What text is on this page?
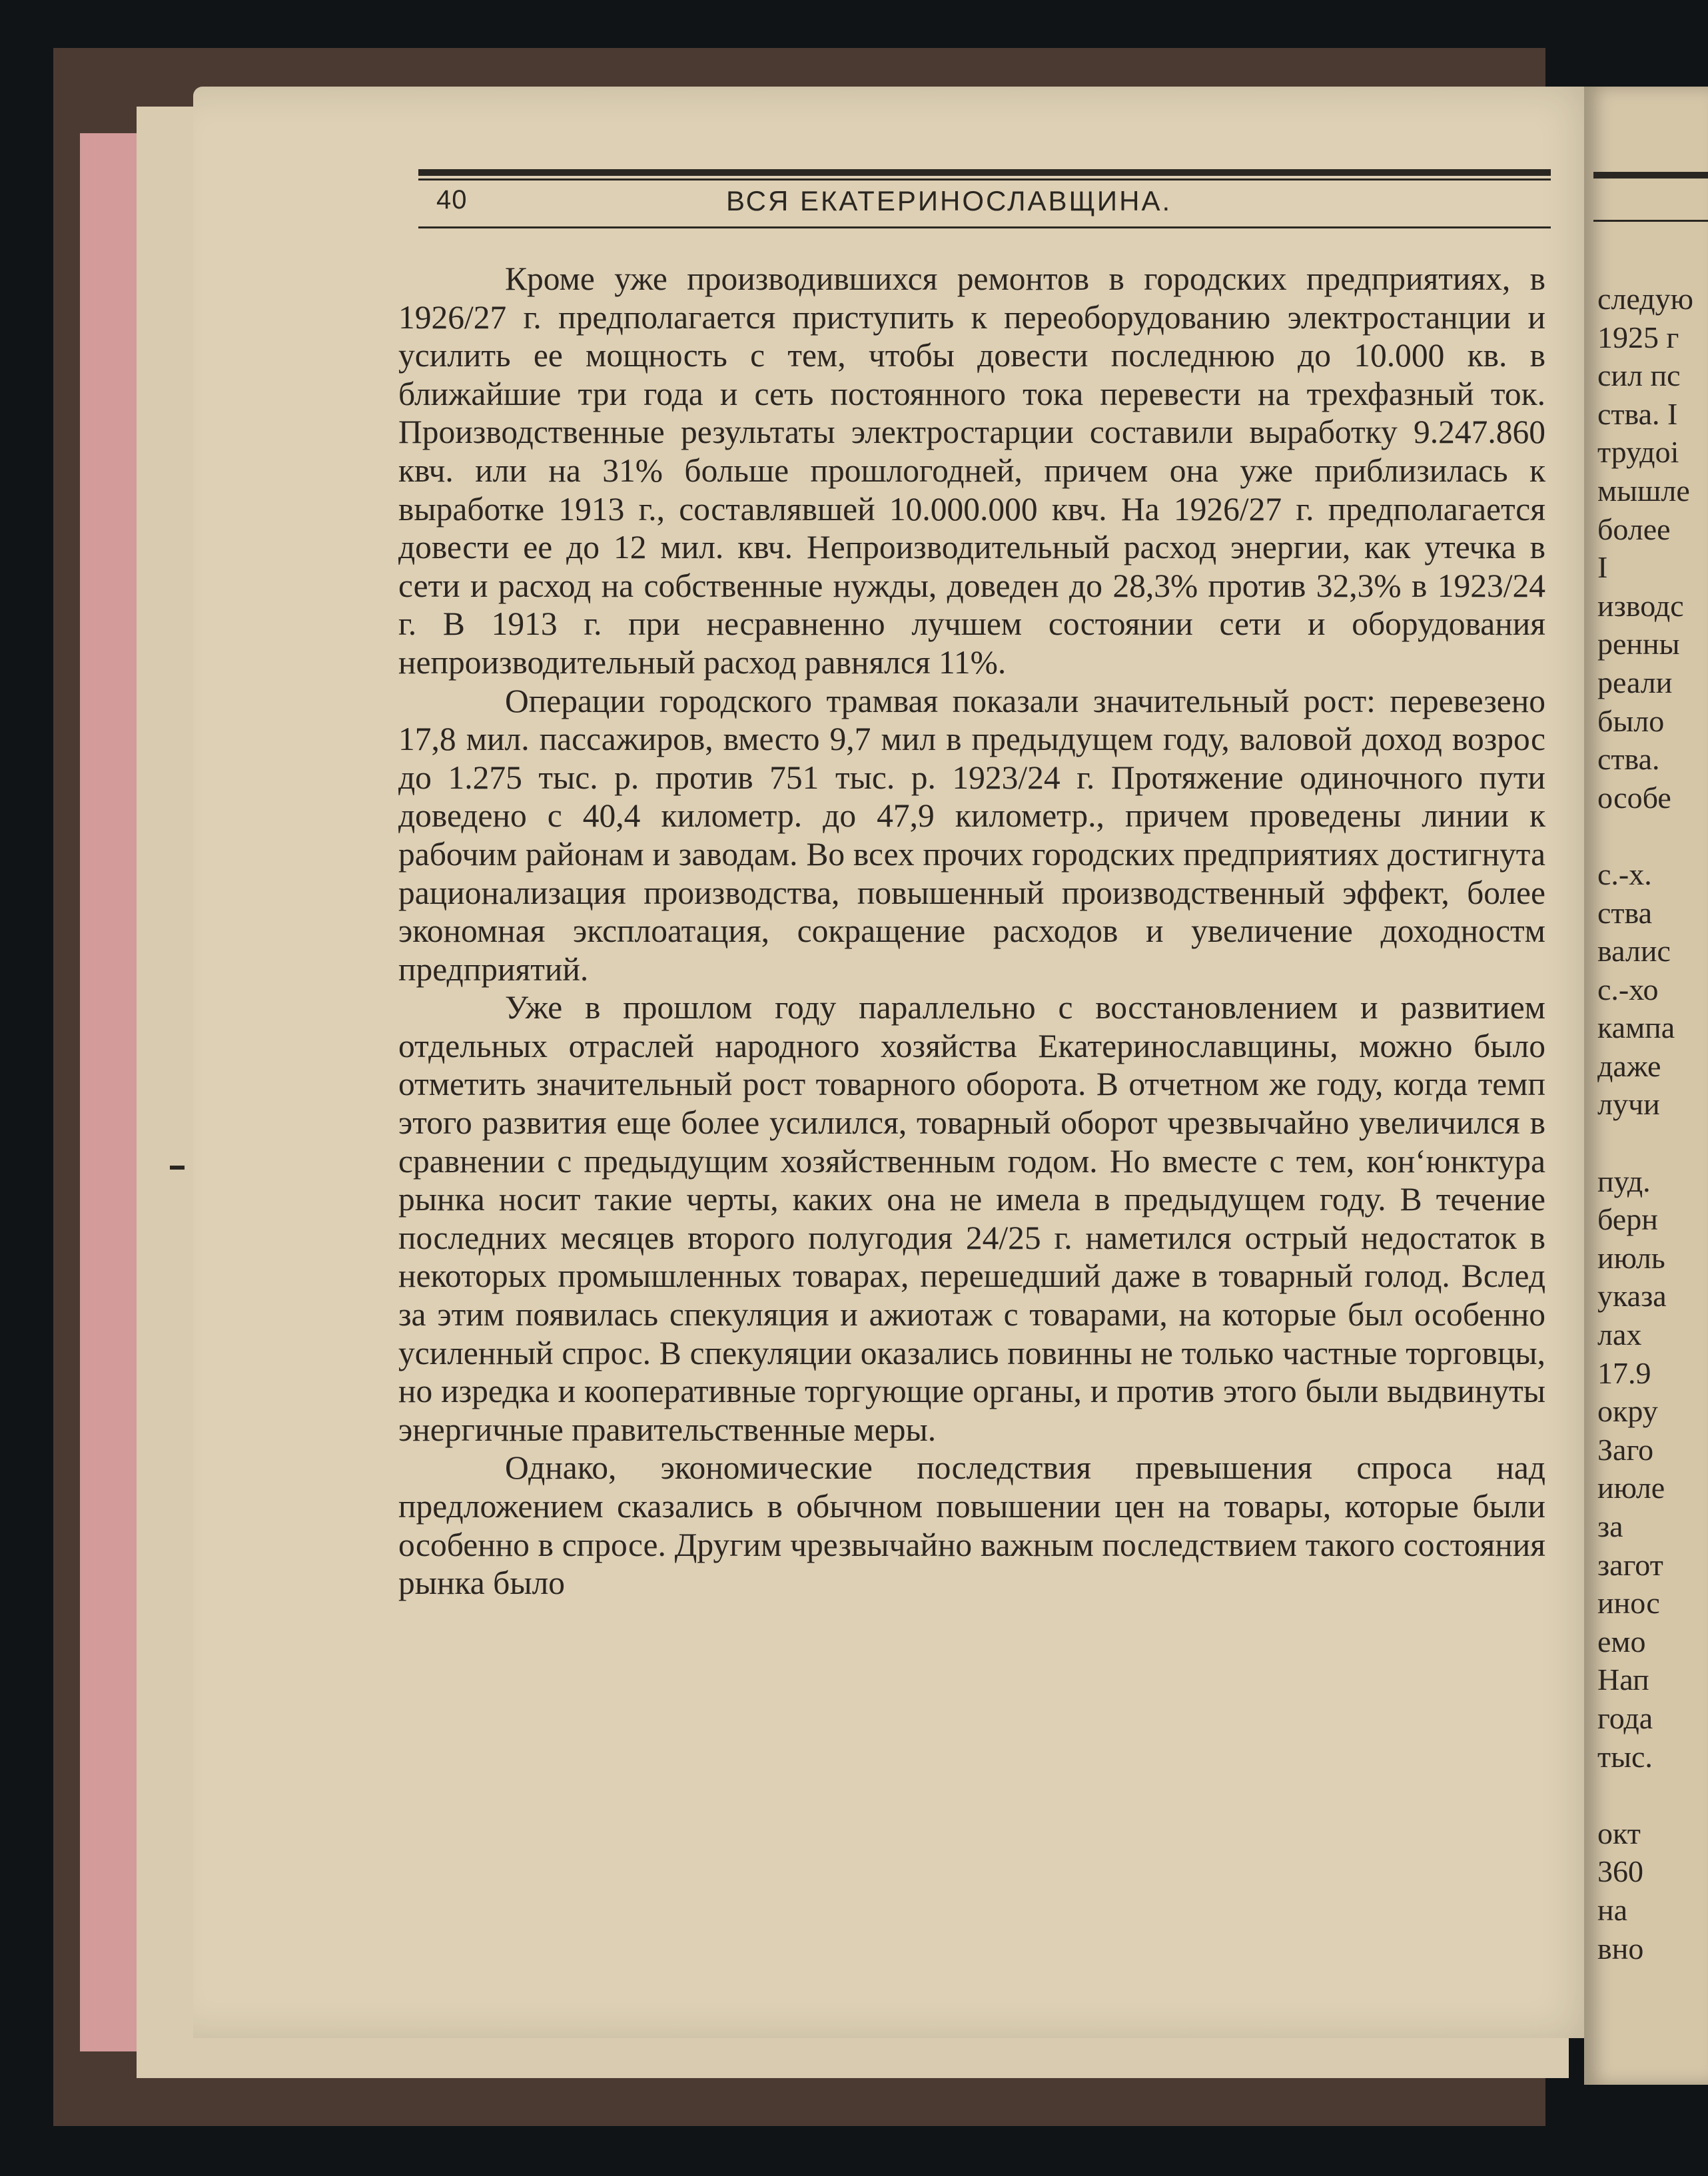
40	ВСЯ ЕКАТЕРИНОСЛАВЩИНА.

Кроме уже производившихся ремонтов в городских предприятиях, в 1926/27 г. предполагается приступить к переоборудованию электростанции и усилить ее мощность с тем, чтобы довести последнюю до 10.000 кв. в ближайшие три года и сеть постоянного тока перевести на трехфазный ток. Производственные результаты электростарции составили выработку 9.247.860 квч. или на 31% больше прошлогодней, причем она уже приблизилась к выработке 1913 г., составлявшей 10.000.000 квч. На 1926/27 г. предполагается довести ее до 12 мил. квч. Непроизводительный расход энергии, как утечка в сети и расход на собственные нужды, доведен до 28,3% против 32,3% в 1923/24 г. В 1913 г. при несравненно лучшем состоянии сети и оборудования непроизводительный расход равнялся 11%.

Операции городского трамвая показали значительный рост: перевезено 17,8 мил. пассажиров, вместо 9,7 мил в предыдущем году, валовой доход возрос до 1.275 тыс. р. против 751 тыс. р. 1923/24 г. Протяжение одиночного пути доведено с 40,4 километр. до 47,9 километр., причем проведены линии к рабочим районам и заводам. Во всех прочих городских предприятиях достигнута рационализация производства, повышенный производственный эффект, более экономная эксплоатация, сокращение расходов и увеличение доходностм предприятий.

Уже в прошлом году параллельно с восстановлением и развитием отдельных отраслей народного хозяйства Екатеринославщины, можно было отметить значительный рост товарного оборота. В отчетном же году, когда темп этого развития еще более усилился, товарный оборот чрезвычайно увеличился в сравнении с предыдущим хозяйственным годом. Но вместе с тем, кон‘юнктура рынка носит такие черты, каких она не имела в предыдущем году. В течение последних месяцев второго полугодия 24/25 г. наметился острый недостаток в некоторых промышленных товарах, перешедший даже в товарный голод. Вслед за этим появилась спекуляция и ажиотаж с товарами, на которые был особенно усиленный спрос. В спекуляции оказались повинны не только частные торговцы, но изредка и кооперативные торгующие органы, и против этого были выдвинуты энергичные правительственные меры.

Однако, экономические последствия превышения спроса над предложением сказались в обычном повышении цен на товары, которые были особенно в спросе. Другим чрезвычайно важным последствием такого состояния рынка было

следую
1925 г
сил пс
ства. І
трудоі
мышле
более
І
изводс
ренны
реали
было
ства.
особе
с.-х.
ства
валис
с.-хо
кампа
даже
лучи
пуд.
берн
июль
указа
лах
17.9
окру
Заго
июле
за
загот
инос
емо
Нап
года
тыс.
окт
360
на
вно
